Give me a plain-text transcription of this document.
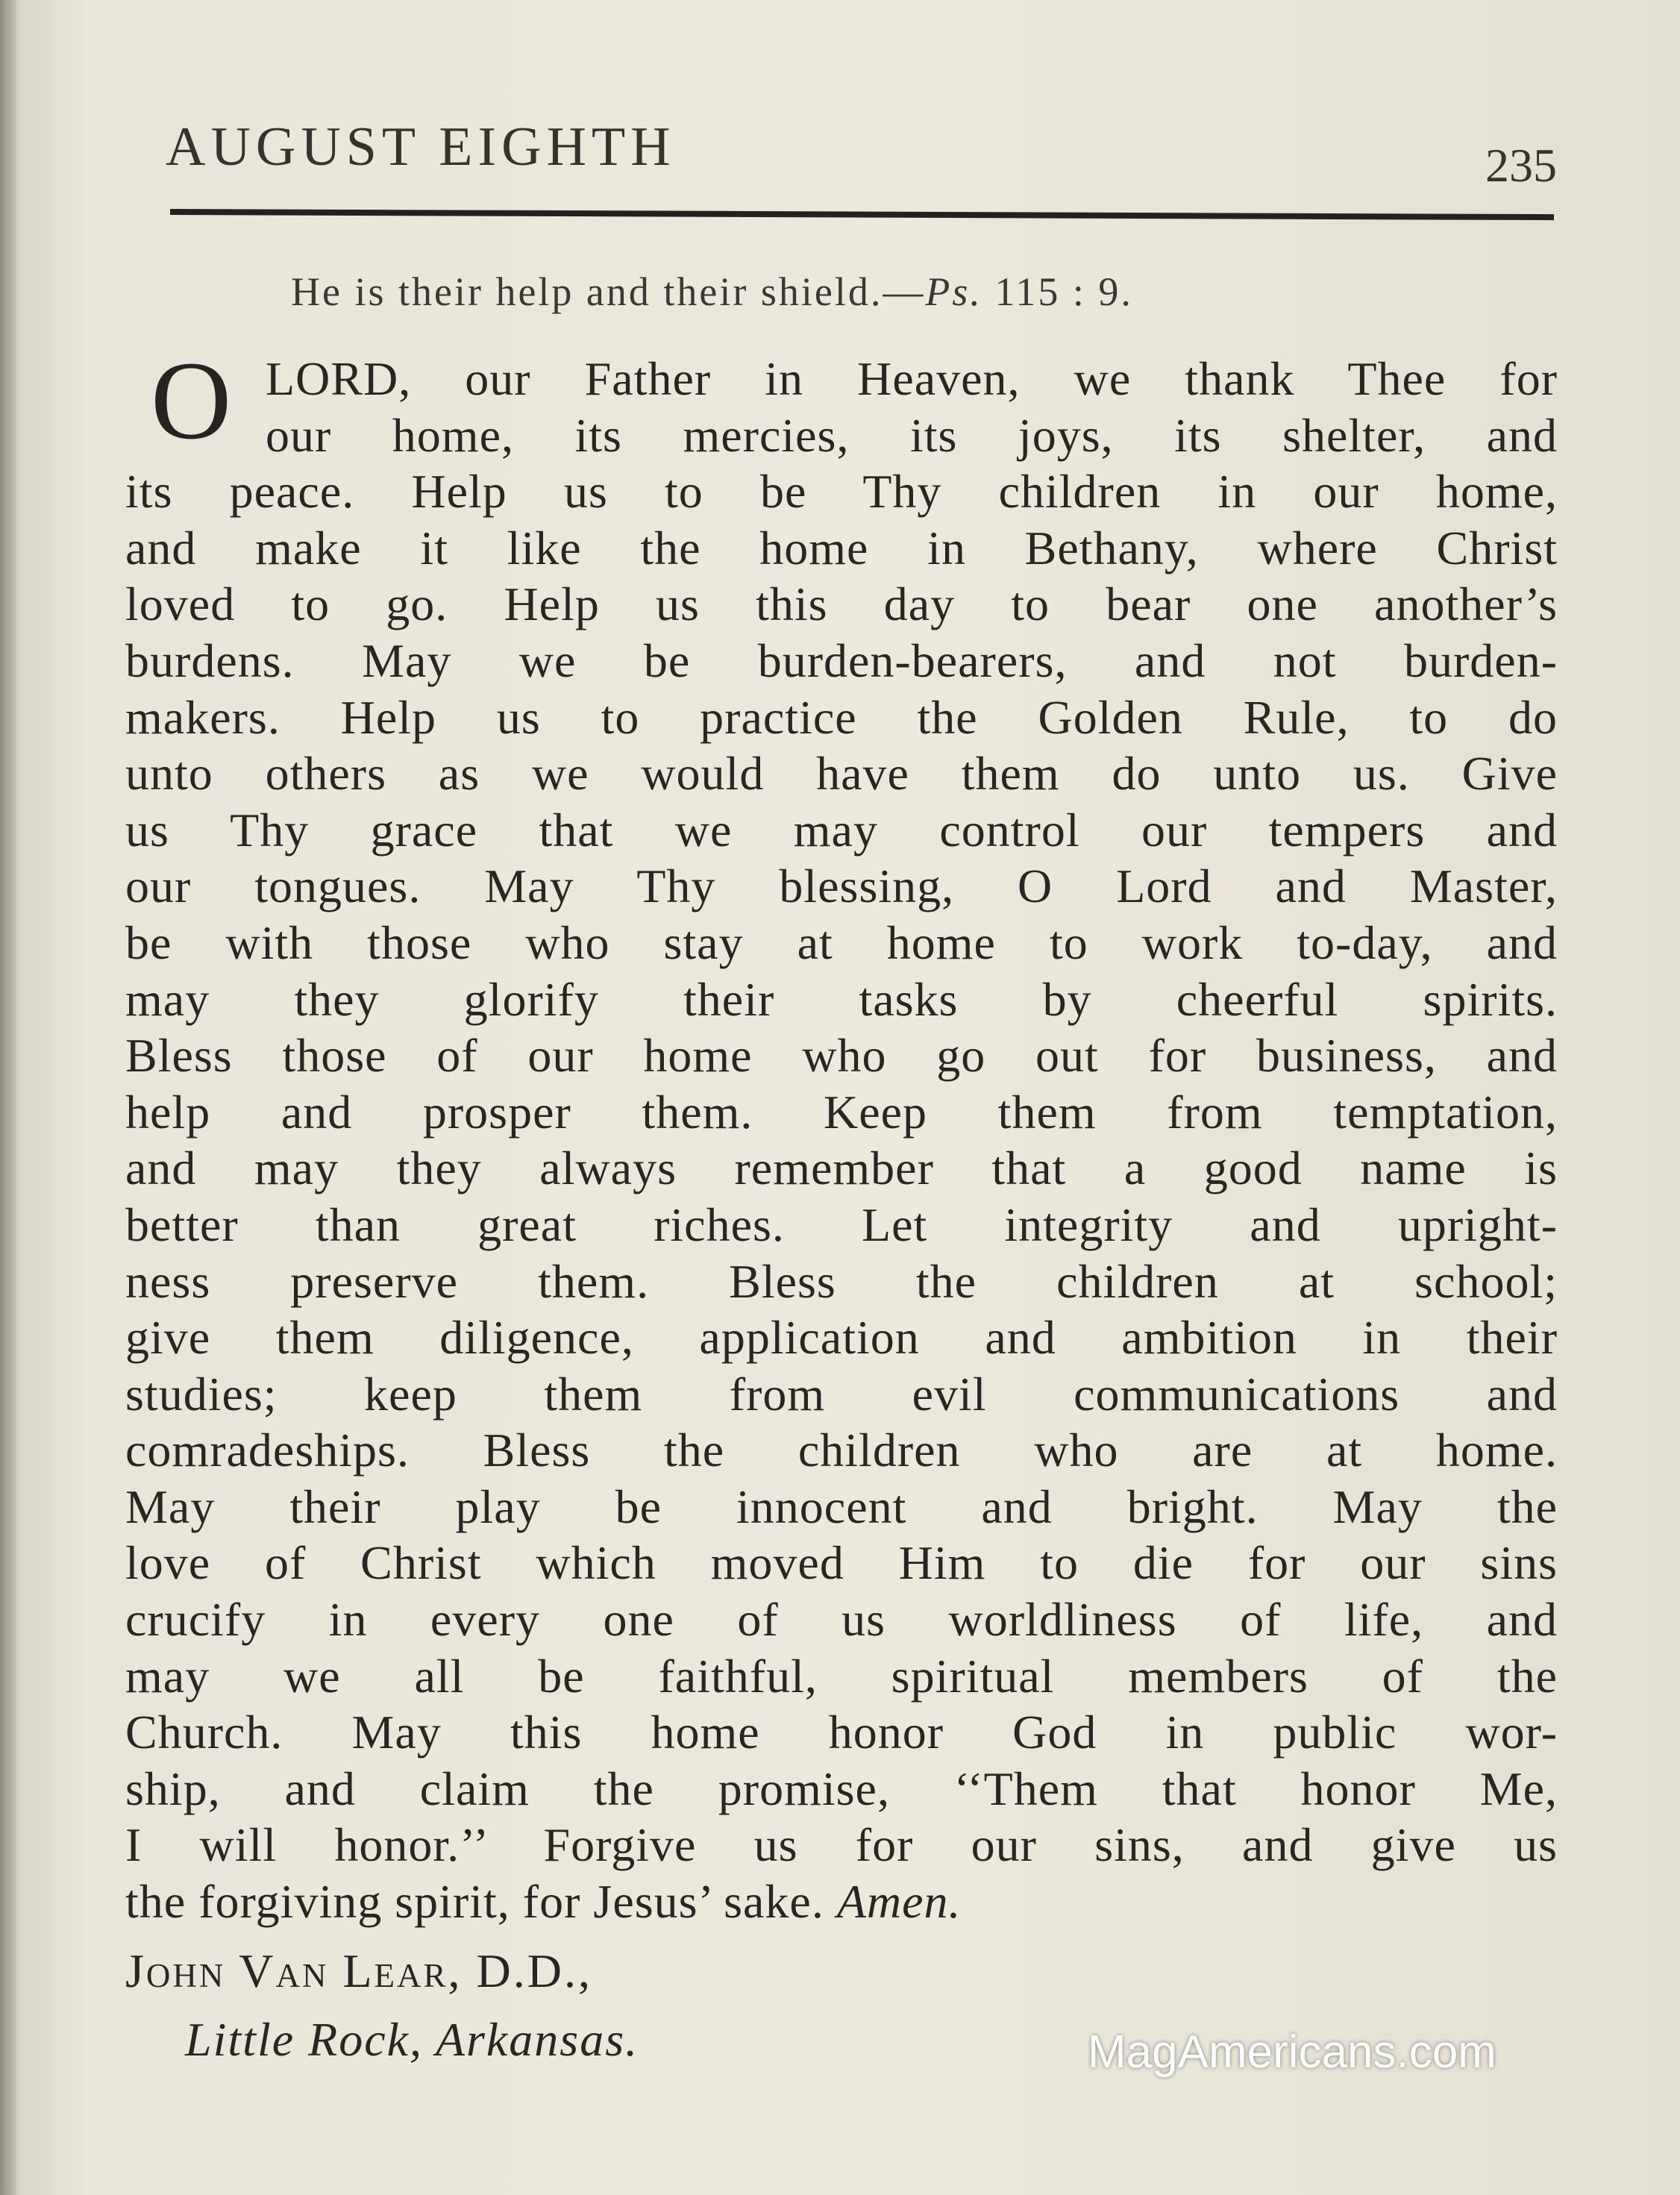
AUGUST EIGHTH	235
He is their help and their shield.—Ps. 115 : 9.
O LORD, our Father in Heaven, we thank Thee for
our home, its mercies, its joys, its shelter, and
its peace. Help us to be Thy children in our home,
and make it like the home in Bethany, where Christ
loved to go. Help us this day to bear one another’s
burdens. May we be burden-bearers, and not burden-
makers. Help us to practice the Golden Rule, to do
unto others as we would have them do unto us. Give
us Thy grace that we may control our tempers and
our tongues. May Thy blessing, O Lord and Master,
be with those who stay at home to work to-day, and
may they glorify their tasks by cheerful spirits.
Bless those of our home who go out for business, and
help and prosper them. Keep them from temptation,
and may they always remember that a good name is
better than great riches. Let integrity and upright-
ness preserve them. Bless the children at school;
give them diligence, application and ambition in their
studies; keep them from evil communications and
comradeships. Bless the children who are at home.
May their play be innocent and bright. May the
love of Christ which moved Him to die for our sins
crucify in every one of us worldliness of life, and
may we all be faithful, spiritual members of the
Church. May this home honor God in public wor-
ship, and claim the promise, ‘‘Them that honor Me,
I will honor.’’ Forgive us for our sins, and give us
the forgiving spirit, for Jesus’ sake. Amen.
John Van Lear, D.D.,
Little Rock, Arkansas.	MagAmericans.com
